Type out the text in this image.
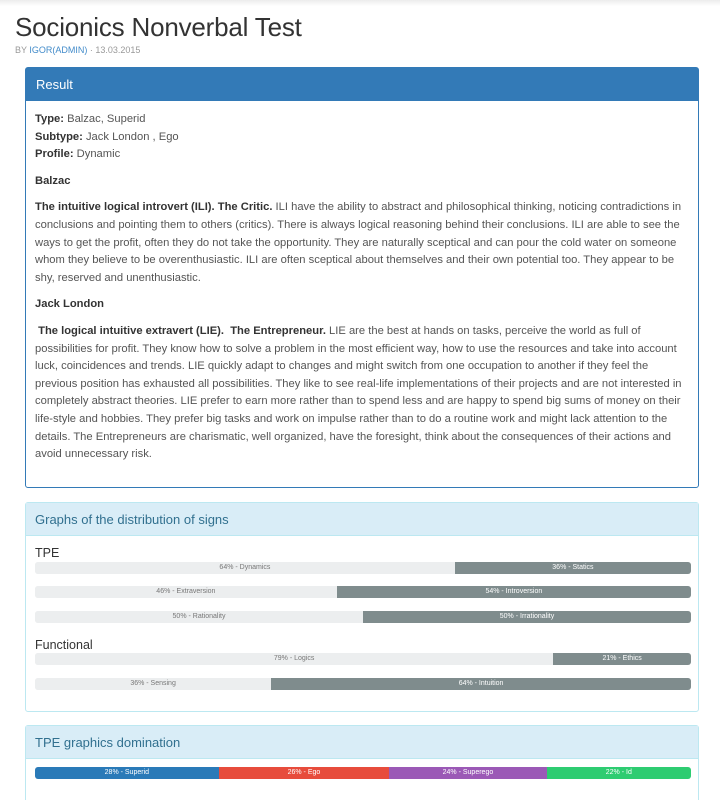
Socionics Nonverbal Test
BY IGOR(ADMIN) · 13.03.2015
Result
Type: Balzac, Superid
Subtype: Jack London , Ego
Profile: Dynamic
Balzac

The intuitive logical introvert (ILI). The Critic. ILI have the ability to abstract and philosophical thinking, noticing contradictions in conclusions and pointing them to others (critics). There is always logical reasoning behind their conclusions. ILI are able to see the ways to get the profit, often they do not take the opportunity. They are naturally sceptical and can pour the cold water on someone whom they believe to be overenthusiastic. ILI are often sceptical about themselves and their own potential too. They appear to be shy, reserved and unenthusiastic.

Jack London

The logical intuitive extravert (LIE).  The Entrepreneur. LIE are the best at hands on tasks, perceive the world as full of possibilities for profit. They know how to solve a problem in the most efficient way, how to use the resources and take into account luck, coincidences and trends. LIE quickly adapt to changes and might switch from one occupation to another if they feel the previous position has exhausted all possibilities. They like to see real-life implementations of their projects and are not interested in completely abstract theories. LIE prefer to earn more rather than to spend less and are happy to spend big sums of money on their life-style and hobbies. They prefer big tasks and work on impulse rather than to do a routine work and might lack attention to the details. The Entrepreneurs are charismatic, well organized, have the foresight, think about the consequences of their actions and avoid unnecessary risk.

Graphs of the distribution of signs
TPE
64% - Dynamics	36% - Statics
46% - Extraversion	54% - Introversion
50% - Rationality	50% - Irrationality
Functional
79% - Logics	21% - Ethics
36% - Sensing	64% - Intuition
TPE graphics domination
28% - Superid	26% - Ego	24% - Superego	22% - Id
